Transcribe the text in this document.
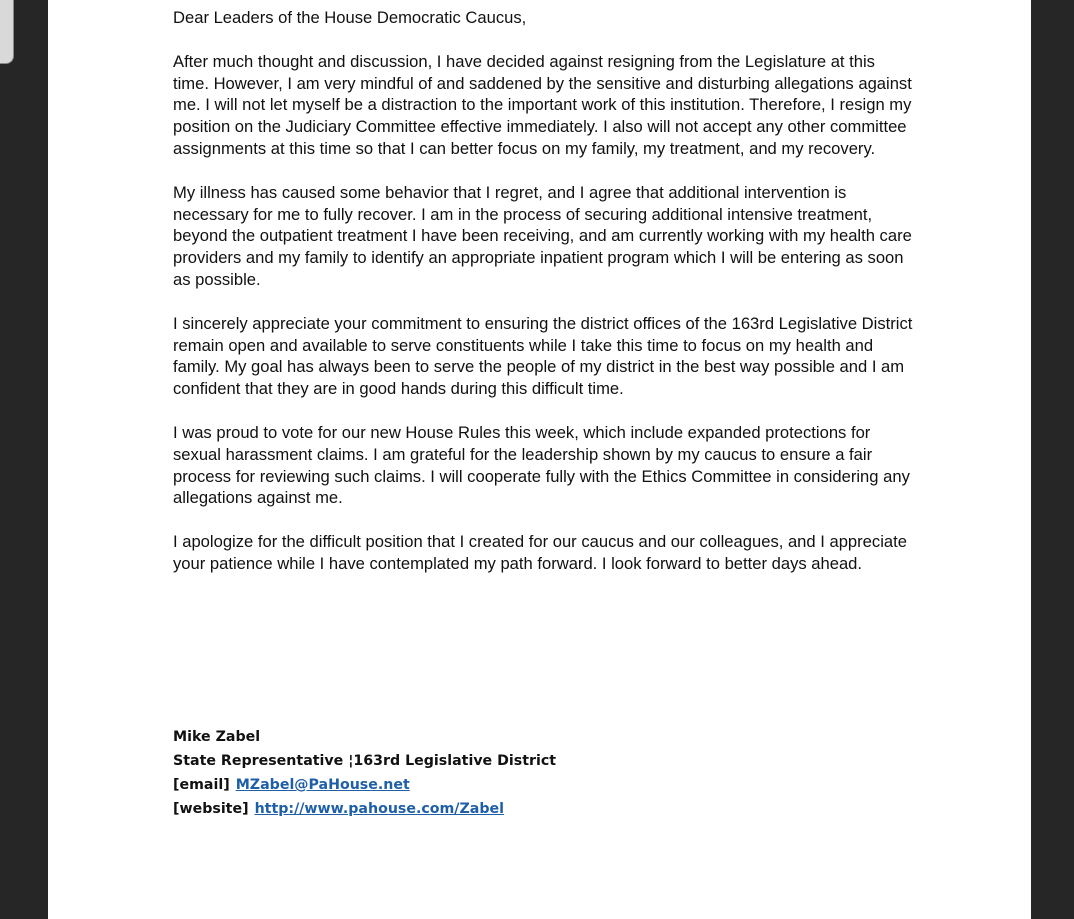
Dear Leaders of the House Democratic Caucus,

After much thought and discussion, I have decided against resigning from the Legislature at this time. However, I am very mindful of and saddened by the sensitive and disturbing allegations against me. I will not let myself be a distraction to the important work of this institution. Therefore, I resign my position on the Judiciary Committee effective immediately. I also will not accept any other committee assignments at this time so that I can better focus on my family, my treatment, and my recovery.

My illness has caused some behavior that I regret, and I agree that additional intervention is necessary for me to fully recover. I am in the process of securing additional intensive treatment, beyond the outpatient treatment I have been receiving, and am currently working with my health care providers and my family to identify an appropriate inpatient program which I will be entering as soon as possible.

I sincerely appreciate your commitment to ensuring the district offices of the 163rd Legislative District remain open and available to serve constituents while I take this time to focus on my health and family. My goal has always been to serve the people of my district in the best way possible and I am confident that they are in good hands during this difficult time.

I was proud to vote for our new House Rules this week, which include expanded protections for sexual harassment claims. I am grateful for the leadership shown by my caucus to ensure a fair process for reviewing such claims. I will cooperate fully with the Ethics Committee in considering any allegations against me.

I apologize for the difficult position that I created for our caucus and our colleagues, and I appreciate your patience while I have contemplated my path forward. I look forward to better days ahead.

Mike Zabel
State Representative ¦163rd Legislative District
[email] MZabel@PaHouse.net
[website] http://www.pahouse.com/Zabel
